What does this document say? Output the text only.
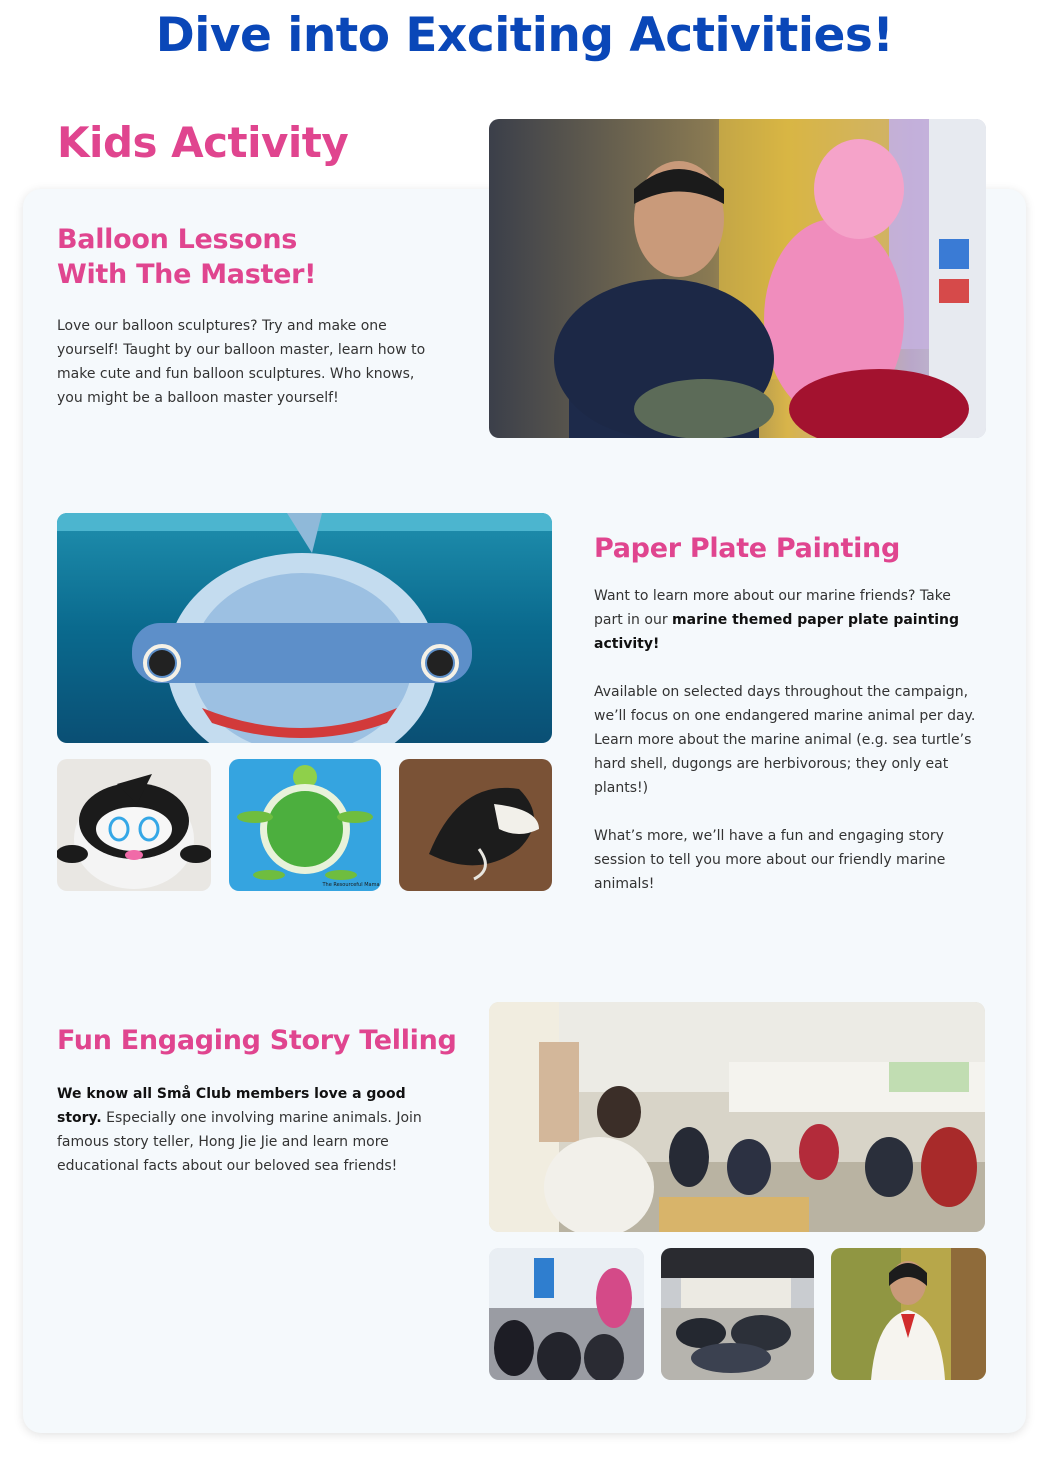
Dive into Exciting Activities!
Kids Activity
Balloon Lessons
With The Master!
Love our balloon sculptures? Try and make one yourself! Taught by our balloon master, learn how to make cute and fun balloon sculptures. Who knows, you might be a balloon master yourself!
The Resourceful Mama
Paper Plate Painting

Want to learn more about our marine friends? Take part in our marine themed paper plate painting activity!

Available on selected days throughout the campaign, we’ll focus on one endangered marine animal per day. Learn more about the marine animal (e.g. sea turtle’s hard shell, dugongs are herbivorous; they only eat plants!)

What’s more, we’ll have a fun and engaging story session to tell you more about our friendly marine animals!

Fun Engaging Story Telling

We know all Små Club members love a good story. Especially one involving marine animals. Join famous story teller, Hong Jie Jie and learn more educational facts about our beloved sea friends!
